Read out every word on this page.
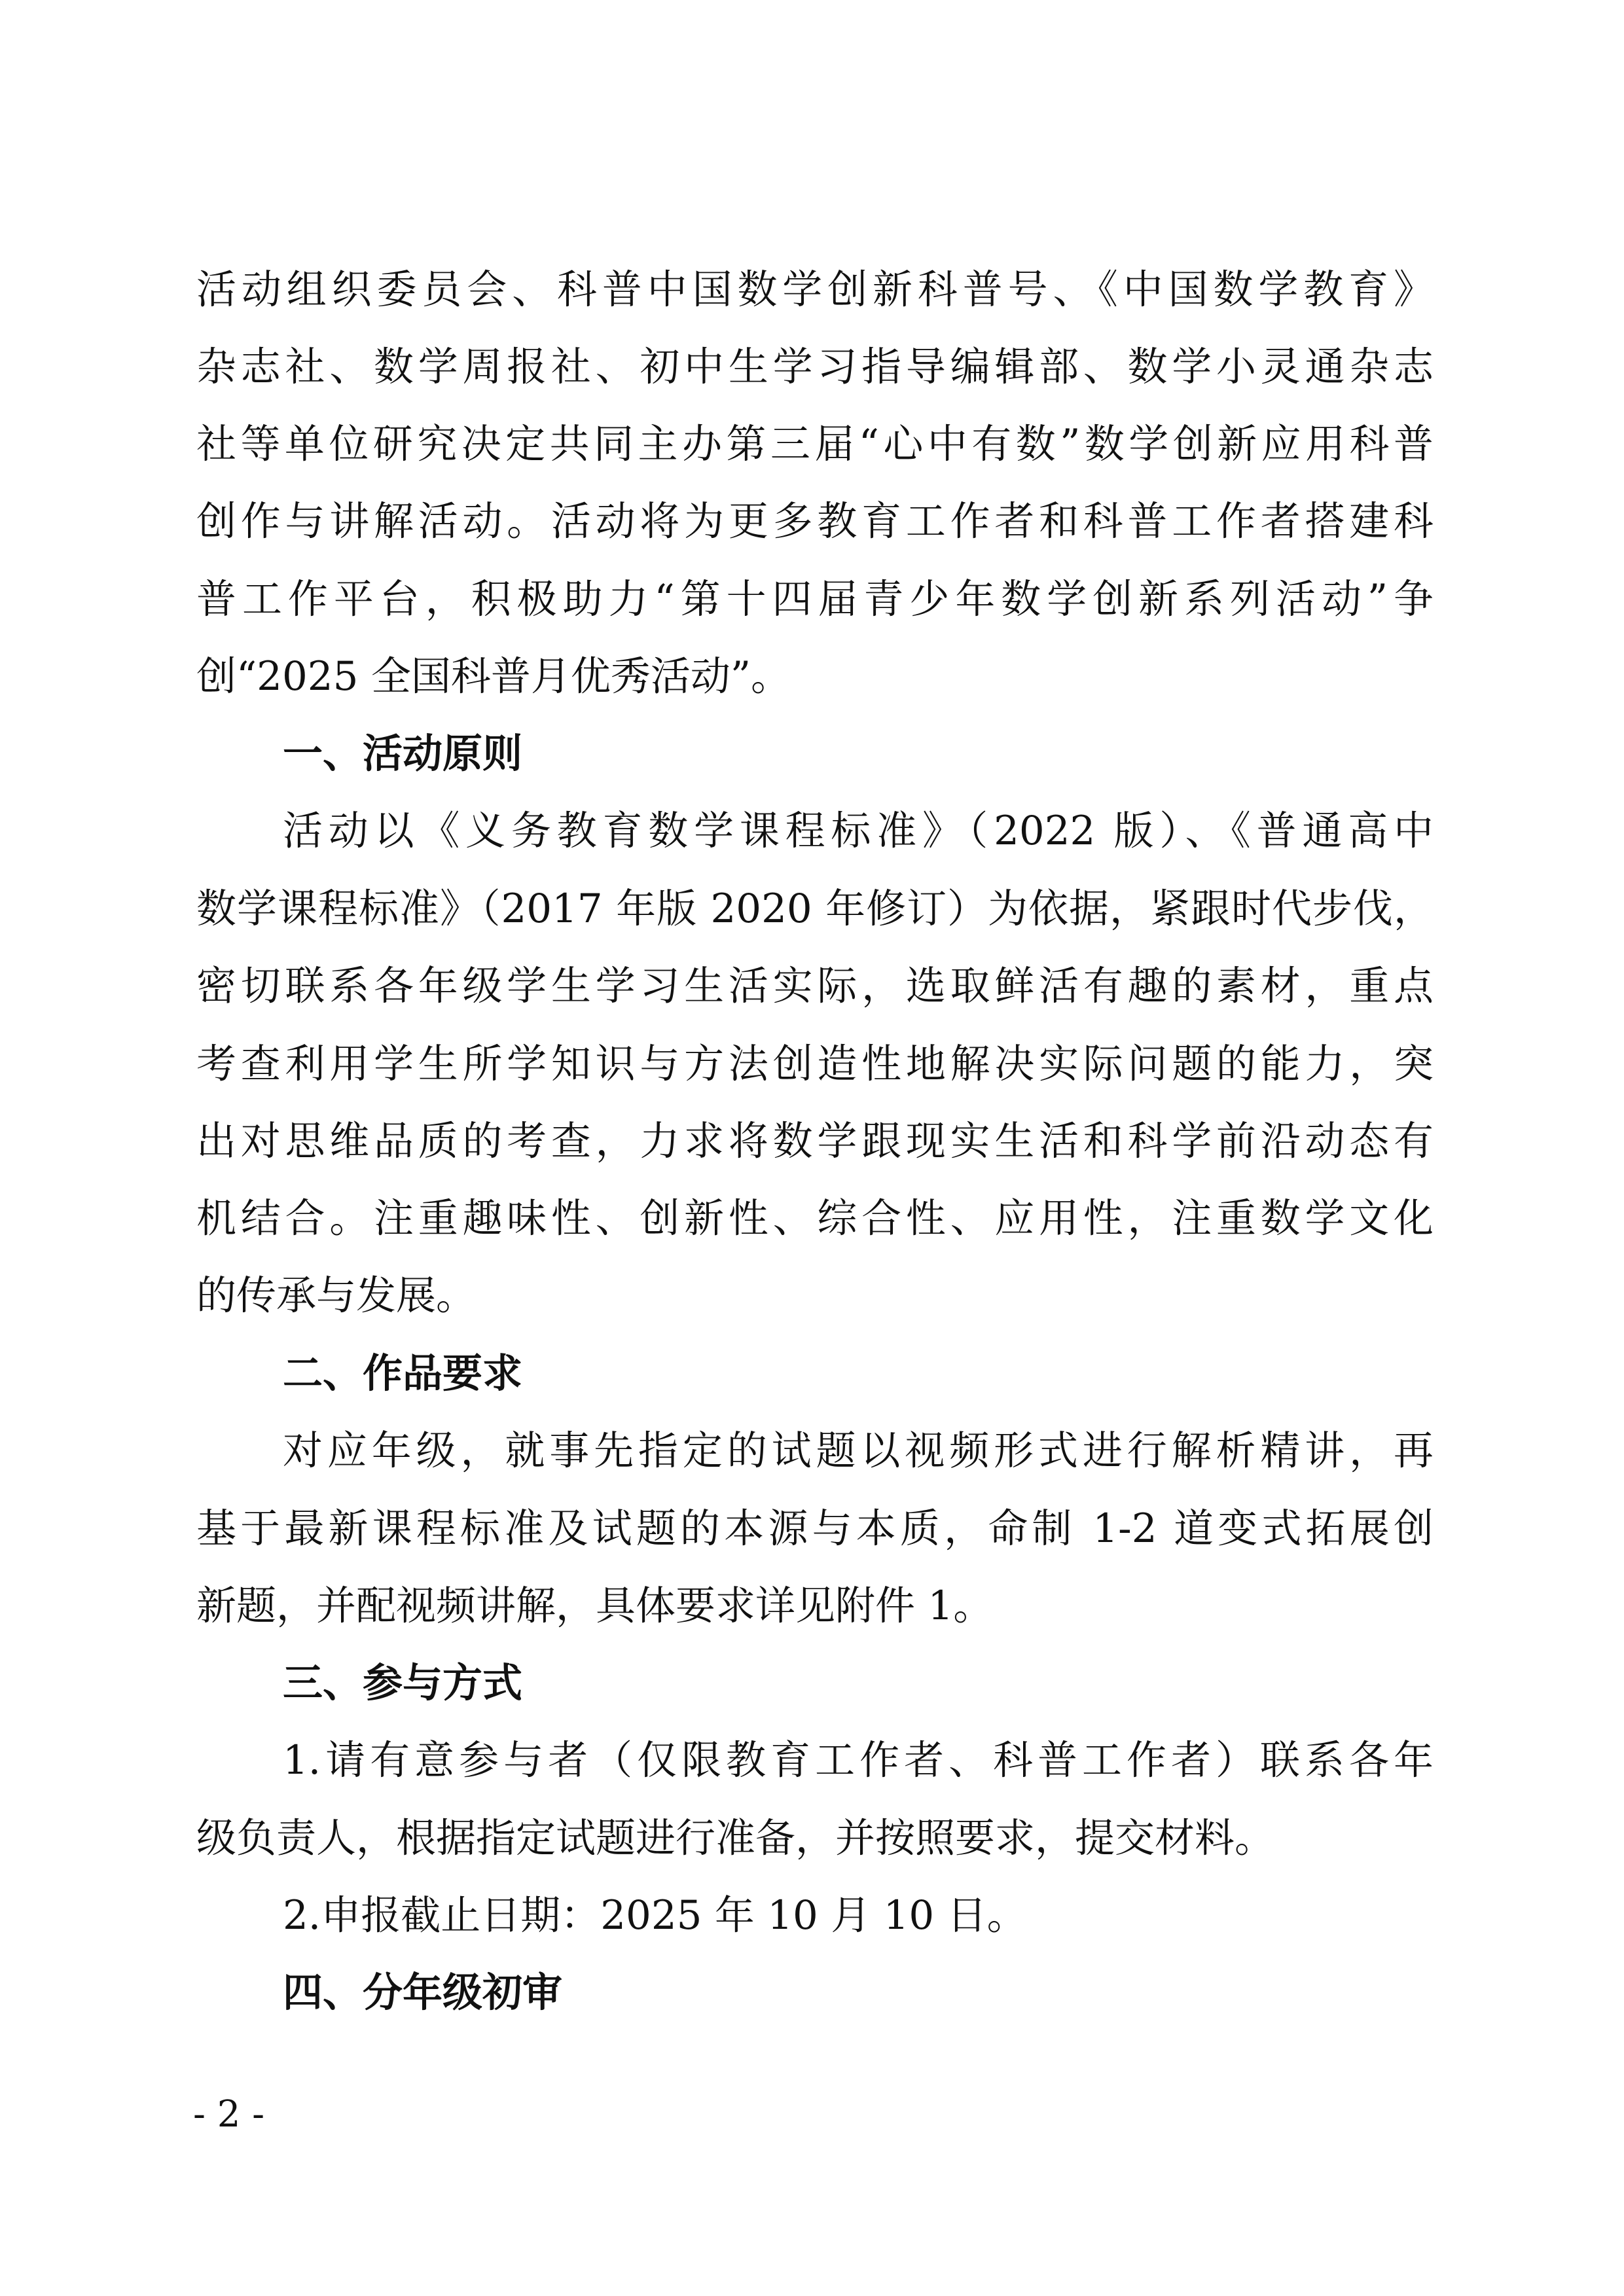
活动组织委员会、科普中国数学创新科普号、《中国数学教育》
杂志社、数学周报社、初中生学习指导编辑部、数学小灵通杂志
社等单位研究决定共同主办第三届“心中有数”数学创新应用科普
创作与讲解活动。活动将为更多教育工作者和科普工作者搭建科
普工作平台，积极助力“第十四届青少年数学创新系列活动”争
创“2025 全国科普月优秀活动”。
一、活动原则
活动以《义务教育数学课程标准》（2022 版）、《普通高中
数学课程标准》（2017 年版 2020 年修订）为依据，紧跟时代步伐，
密切联系各年级学生学习生活实际，选取鲜活有趣的素材，重点
考查利用学生所学知识与方法创造性地解决实际问题的能力，突
出对思维品质的考查，力求将数学跟现实生活和科学前沿动态有
机结合。注重趣味性、创新性、综合性、应用性，注重数学文化
的传承与发展。
二、作品要求
对应年级，就事先指定的试题以视频形式进行解析精讲，再
基于最新课程标准及试题的本源与本质，命制 1-2 道变式拓展创
新题，并配视频讲解，具体要求详见附件 1。
三、参与方式
1.请有意参与者（仅限教育工作者、科普工作者）联系各年
级负责人，根据指定试题进行准备，并按照要求，提交材料。
2.申报截止日期：2025 年 10 月 10 日。
四、分年级初审
- 2 -
